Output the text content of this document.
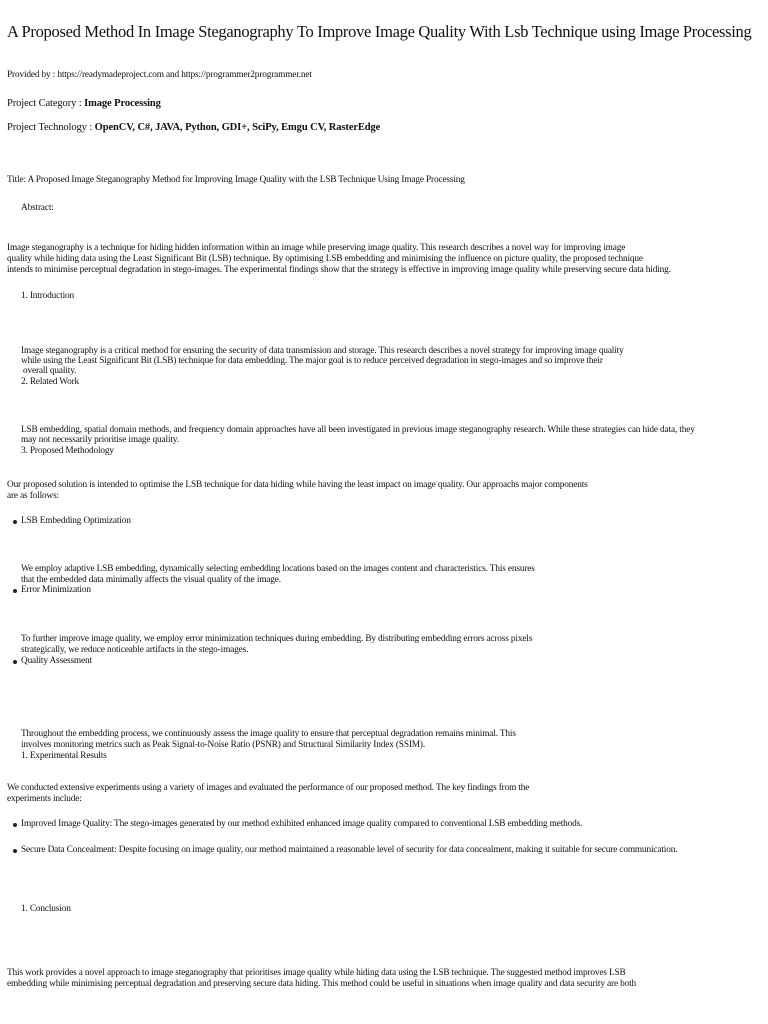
A Proposed Method In Image Steganography To Improve Image Quality With Lsb Technique using Image Processing
Provided by : https://readymadeproject.com and https://programmer2programmer.net
Project Category : Image Processing
Project Technology : OpenCV, C#, JAVA, Python, GDI+, SciPy, Emgu CV, RasterEdge
Title: A Proposed Image Steganography Method for Improving Image Quality with the LSB Technique Using Image Processing
Abstract:
Image steganography is a technique for hiding hidden information within an image while preserving image quality. This research describes a novel way for improving image
quality while hiding data using the Least Significant Bit (LSB) technique. By optimising LSB embedding and minimising the influence on picture quality, the proposed technique
intends to minimise perceptual degradation in stego-images. The experimental findings show that the strategy is effective in improving image quality while preserving secure data hiding.
1. Introduction
Image steganography is a critical method for ensuring the security of data transmission and storage. This research describes a novel strategy for improving image quality
while using the Least Significant Bit (LSB) technique for data embedding. The major goal is to reduce perceived degradation in stego-images and so improve their
overall quality.
2. Related Work
LSB embedding, spatial domain methods, and frequency domain approaches have all been investigated in previous image steganography research. While these strategies can hide data, they
may not necessarily prioritise image quality.
3. Proposed Methodology
Our proposed solution is intended to optimise the LSB technique for data hiding while having the least impact on image quality. Our approachs major components
are as follows:
LSB Embedding Optimization
We employ adaptive LSB embedding, dynamically selecting embedding locations based on the images content and characteristics. This ensures
that the embedded data minimally affects the visual quality of the image.
Error Minimization
To further improve image quality, we employ error minimization techniques during embedding. By distributing embedding errors across pixels
strategically, we reduce noticeable artifacts in the stego-images.
Quality Assessment
Throughout the embedding process, we continuously assess the image quality to ensure that perceptual degradation remains minimal. This
involves monitoring metrics such as Peak Signal-to-Noise Ratio (PSNR) and Structural Similarity Index (SSIM).
1. Experimental Results
We conducted extensive experiments using a variety of images and evaluated the performance of our proposed method. The key findings from the
experiments include:
Improved Image Quality: The stego-images generated by our method exhibited enhanced image quality compared to conventional LSB embedding methods.
Secure Data Concealment: Despite focusing on image quality, our method maintained a reasonable level of security for data concealment, making it suitable for secure communication.
1. Conclusion
This work provides a novel approach to image steganography that prioritises image quality while hiding data using the LSB technique. The suggested method improves LSB
embedding while minimising perceptual degradation and preserving secure data hiding. This method could be useful in situations when image quality and data security are both
